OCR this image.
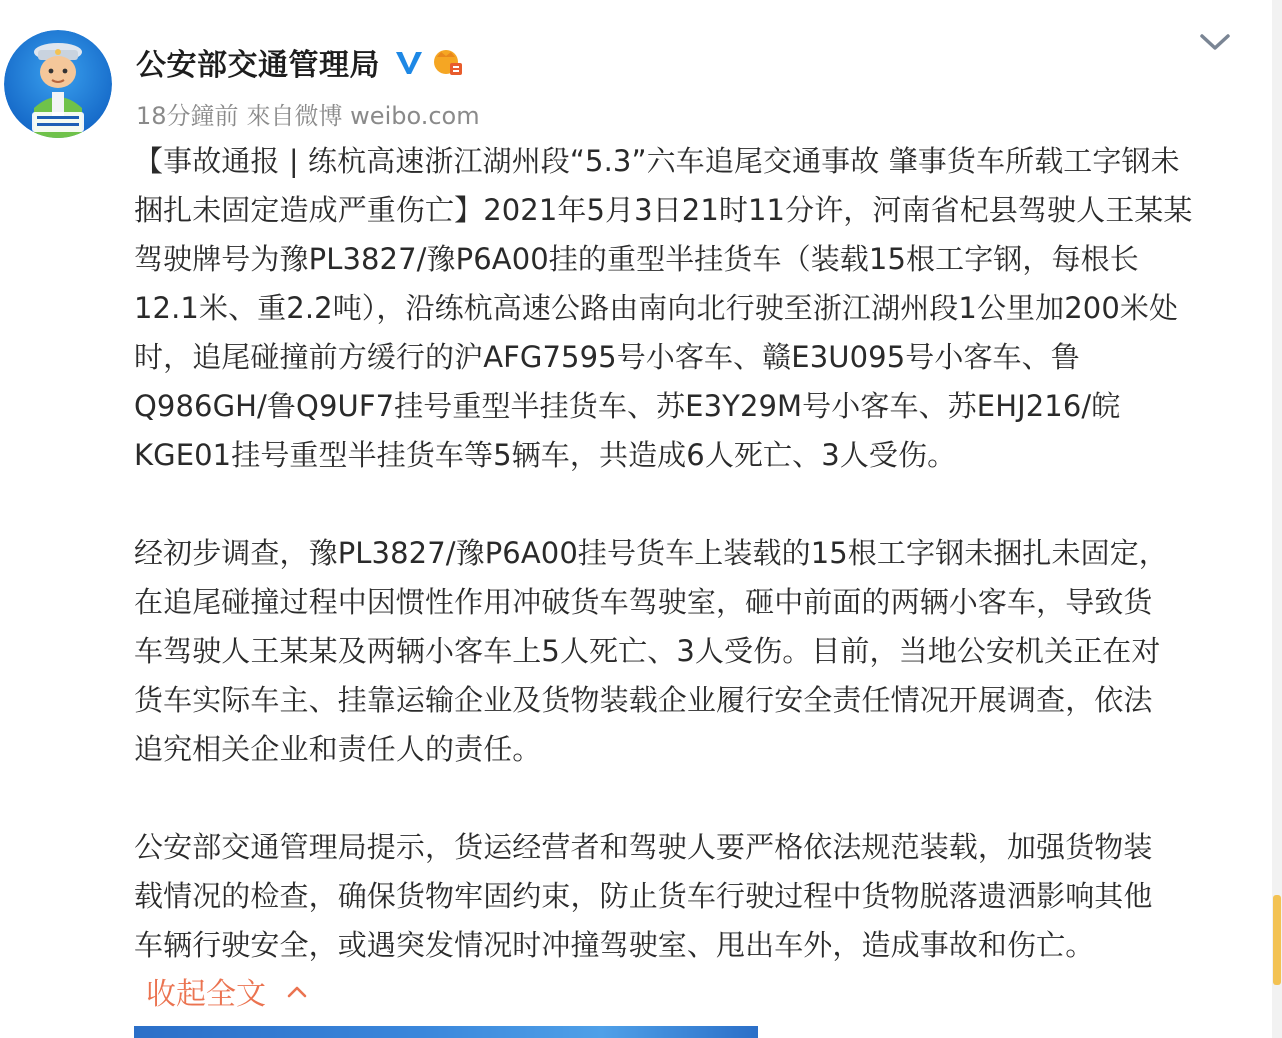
公安部交通管理局
18分鐘前 來自微博 weibo.com
【事故通报 | 练杭高速浙江湖州段“5.3”六车追尾交通事故 肇事货车所载工字钢未
捆扎未固定造成严重伤亡】2021年5月3日21时11分许，河南省杞县驾驶人王某某
驾驶牌号为豫PL3827/豫P6A00挂的重型半挂货车（装载15根工字钢，每根长
12.1米、重2.2吨），沿练杭高速公路由南向北行驶至浙江湖州段1公里加200米处
时，追尾碰撞前方缓行的沪AFG7595号小客车、赣E3U095号小客车、鲁
Q986GH/鲁Q9UF7挂号重型半挂货车、苏E3Y29M号小客车、苏EHJ216/皖
KGE01挂号重型半挂货车等5辆车，共造成6人死亡、3人受伤。
经初步调查，豫PL3827/豫P6A00挂号货车上装载的15根工字钢未捆扎未固定，
在追尾碰撞过程中因惯性作用冲破货车驾驶室，砸中前面的两辆小客车，导致货
车驾驶人王某某及两辆小客车上5人死亡、3人受伤。目前，当地公安机关正在对
货车实际车主、挂靠运输企业及货物装载企业履行安全责任情况开展调查，依法
追究相关企业和责任人的责任。
公安部交通管理局提示，货运经营者和驾驶人要严格依法规范装载，加强货物装
载情况的检查，确保货物牢固约束，防止货车行驶过程中货物脱落遗洒影响其他
车辆行驶安全，或遇突发情况时冲撞驾驶室、甩出车外，造成事故和伤亡。
收起全文
